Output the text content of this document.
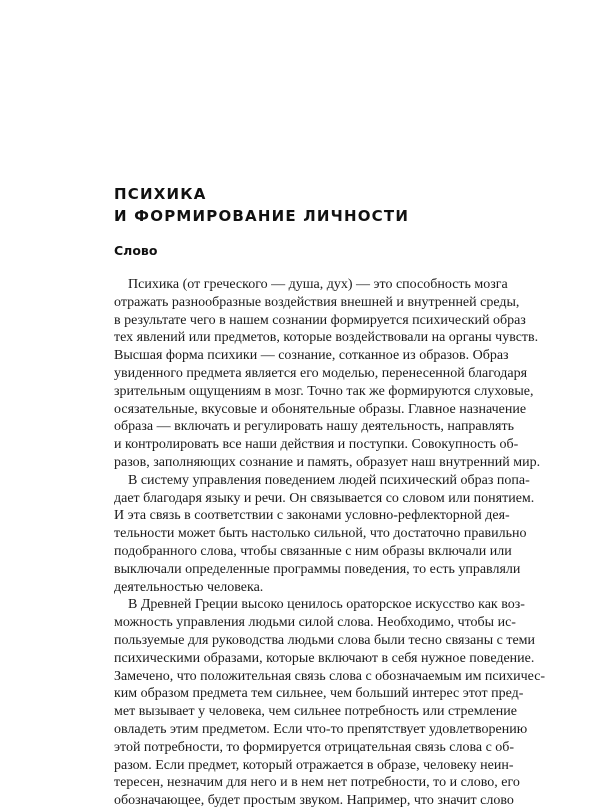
ПСИХИКА
И ФОРМИРОВАНИЕ ЛИЧНОСТИ
Слово
Психика (от греческого — душа, дух) — это способность мозга
отражать разнообразные воздействия внешней и внутренней среды,
в результате чего в нашем сознании формируется психический образ
тех явлений или предметов, которые воздействовали на органы чувств.
Высшая форма психики — сознание, сотканное из образов. Образ
увиденного предмета является его моделью, перенесенной благодаря
зрительным ощущениям в мозг. Точно так же формируются слуховые,
осязательные, вкусовые и обонятельные образы. Главное назначение
образа — включать и регулировать нашу деятельность, направлять
и контролировать все наши действия и поступки. Совокупность об-
разов, заполняющих сознание и память, образует наш внутренний мир.
В систему управления поведением людей психический образ попа-
дает благодаря языку и речи. Он связывается со словом или понятием.
И эта связь в соответствии с законами условно-рефлекторной дея-
тельности может быть настолько сильной, что достаточно правильно
подобранного слова, чтобы связанные с ним образы включали или
выключали определенные программы поведения, то есть управляли
деятельностью человека.
В Древней Греции высоко ценилось ораторское искусство как воз-
можность управления людьми силой слова. Необходимо, чтобы ис-
пользуемые для руководства людьми слова были тесно связаны с теми
психическими образами, которые включают в себя нужное поведение.
Замечено, что положительная связь слова с обозначаемым им психичес-
ким образом предмета тем сильнее, чем больший интерес этот пред-
мет вызывает у человека, чем сильнее потребность или стремление
овладеть этим предметом. Если что-то препятствует удовлетворению
этой потребности, то формируется отрицательная связь слова с об-
разом. Если предмет, который отражается в образе, человеку неин-
тересен, незначим для него и в нем нет потребности, то и слово, его
обозначающее, будет простым звуком. Например, что значит слово
